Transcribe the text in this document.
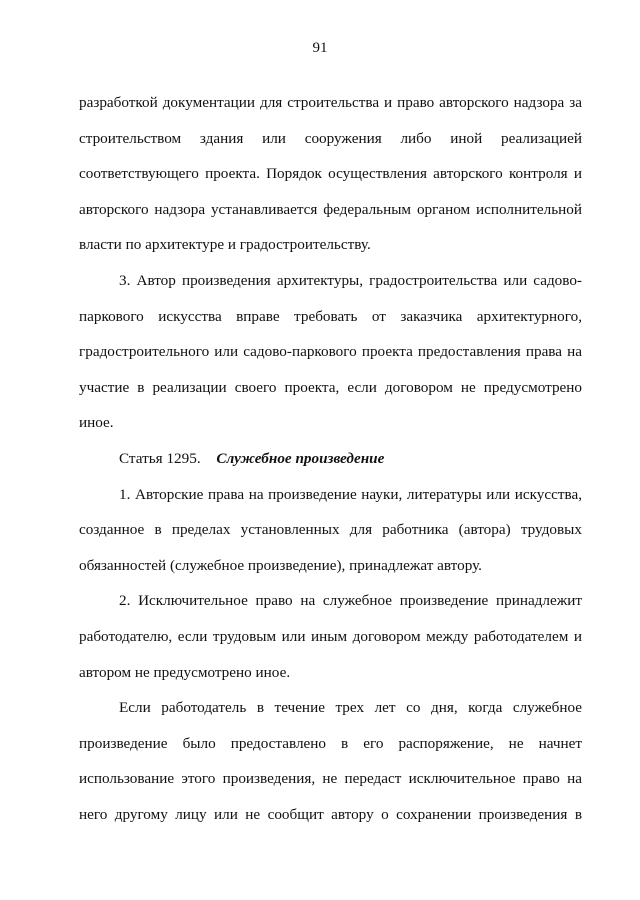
91

разработкой документации для строительства и право авторского надзора за строительством здания или сооружения либо иной реализацией соответствующего проекта. Порядок осуществления авторского контроля и авторского надзора устанавливается федеральным органом исполнительной власти по архитектуре и градостроительству.

3. Автор произведения архитектуры, градостроительства или садово-паркового искусства вправе требовать от заказчика архитектурного, градостроительного или садово-паркового проекта предоставления права на участие в реализации своего проекта, если договором не предусмотрено иное.

Статья 1295. Служебное произведение

1. Авторские права на произведение науки, литературы или искусства, созданное в пределах установленных для работника (автора) трудовых обязанностей (служебное произведение), принадлежат автору.

2. Исключительное право на служебное произведение принадлежит работодателю, если трудовым или иным договором между работодателем и автором не предусмотрено иное.

Если работодатель в течение трех лет со дня, когда служебное произведение было предоставлено в его распоряжение, не начнет использование этого произведения, не передаст исключительное право на него другому лицу или не сообщит автору о сохранении произведения в
